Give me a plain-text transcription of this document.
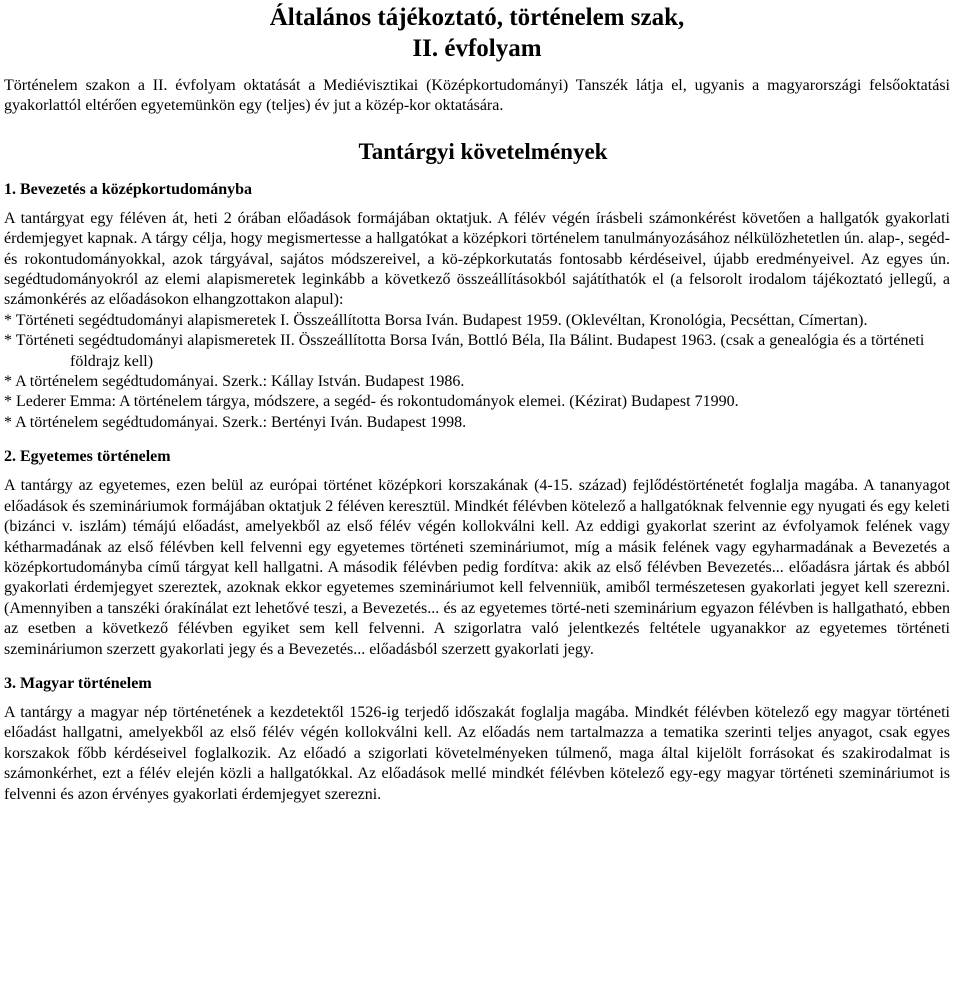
Általános tájékoztató, történelem szak,
II. évfolyam

Történelem szakon a II. évfolyam oktatását a Mediévisztikai (Középkortudományi) Tanszék látja el, ugyanis a magyarországi felsőoktatási gyakorlattól eltérően egyetemünkön egy (teljes) év jut a közép-kor oktatására.

Tantárgyi követelmények
1. Bevezetés a középkortudományba

A tantárgyat egy féléven át, heti 2 órában előadások formájában oktatjuk. A félév végén írásbeli számonkérést követően a hallgatók gyakorlati érdemjegyet kapnak. A tárgy célja, hogy megismertesse a hallgatókat a középkori történelem tanulmányozásához nélkülözhetetlen ún. alap-, segéd- és rokontudományokkal, azok tárgyával, sajátos módszereivel, a kö-zépkorkutatás fontosabb kérdéseivel, újabb eredményeivel. Az egyes ún. segédtudományokról az elemi alapismeretek leginkább a következő összeállításokból sajátíthatók el (a felsorolt irodalom tájékoztató jellegű, a számonkérés az előadásokon elhangzottakon alapul):

* Történeti segédtudományi alapismeretek I. Összeállította Borsa Iván. Budapest 1959. (Oklevéltan, Kronológia, Pecséttan, Címertan).

* Történeti segédtudományi alapismeretek II. Összeállította Borsa Iván, Bottló Béla, Ila Bálint. Budapest 1963. (csak a genealógia és a történeti földrajz kell)

* A történelem segédtudományai. Szerk.: Kállay István. Budapest 1986.

* Lederer Emma: A történelem tárgya, módszere, a segéd- és rokontudományok elemei. (Kézirat) Budapest 71990.

* A történelem segédtudományai. Szerk.: Bertényi Iván. Budapest 1998.

2. Egyetemes történelem

A tantárgy az egyetemes, ezen belül az európai történet középkori korszakának (4-15. század) fejlődéstörténetét foglalja magába. A tananyagot előadások és szemináriumok formájában oktatjuk 2 féléven keresztül. Mindkét félévben kötelező a hallgatóknak felvennie egy nyugati és egy keleti (bizánci v. iszlám) témájú előadást, amelyekből az első félév végén kollokválni kell. Az eddigi gyakorlat szerint az évfolyamok felének vagy kétharmadának az első félévben kell felvenni egy egyetemes történeti szemináriumot, míg a másik felének vagy egyharmadának a Bevezetés a középkortudományba című tárgyat kell hallgatni. A második félévben pedig fordítva: akik az első félévben Bevezetés... előadásra jártak és abból gyakorlati érdemjegyet szereztek, azoknak ekkor egyetemes szemináriumot kell felvenniük, amiből természetesen gyakorlati jegyet kell szerezni. (Amennyiben a tanszéki órakínálat ezt lehetővé teszi, a Bevezetés... és az egyetemes törté-neti szeminárium egyazon félévben is hallgatható, ebben az esetben a következő félévben egyiket sem kell felvenni. A szigorlatra való jelentkezés feltétele ugyanakkor az egyetemes történeti szemináriumon szerzett gyakorlati jegy és a Bevezetés... előadásból szerzett gyakorlati jegy.

3. Magyar történelem

A tantárgy a magyar nép történetének a kezdetektől 1526-ig terjedő időszakát foglalja magába. Mindkét félévben kötelező egy magyar történeti előadást hallgatni, amelyekből az első félév végén kollokválni kell. Az előadás nem tartalmazza a tematika szerinti teljes anyagot, csak egyes korszakok főbb kérdéseivel foglalkozik. Az előadó a szigorlati követelményeken túlmenő, maga által kijelölt forrásokat és szakirodalmat is számonkérhet, ezt a félév elején közli a hallgatókkal. Az előadások mellé mindkét félévben kötelező egy-egy magyar történeti szemináriumot is felvenni és azon érvényes gyakorlati érdemjegyet szerezni.
